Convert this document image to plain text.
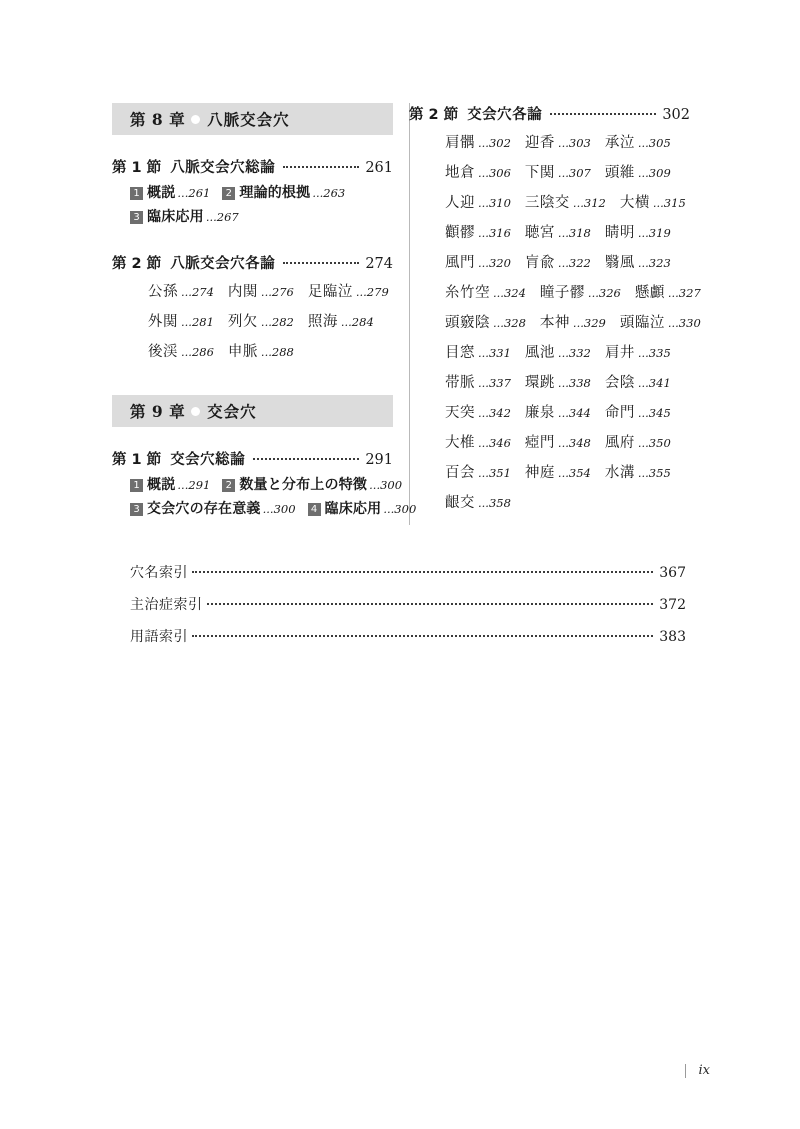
第 8 章 八脈交会穴
第 1 節 八脈交会穴総論	261
1 概説 ...261	2 理論的根拠 ...263
3 臨床応用 ...267
第 2 節 八脈交会穴各論	274
公孫 ...274 内関 ...276 足臨泣 ...279
外関 ...281 列欠 ...282 照海 ...284
後渓 ...286 申脈 ...288
第 9 章 交会穴
第 1 節 交会穴総論	291
1 概説 ...291	2 数量と分布上の特徴 ...300
3 交会穴の存在意義 ...300	4 臨床応用 ...300
第 2 節 交会穴各論	302
肩髃 ...302 迎香 ...303 承泣 ...305
地倉 ...306 下関 ...307 頭維 ...309
人迎 ...310 三陰交 ...312 大横 ...315
顴髎 ...316 聴宮 ...318 睛明 ...319
風門 ...320 肓兪 ...322 翳風 ...323
糸竹空 ...324 瞳子髎 ...326 懸顱 ...327
頭竅陰 ...328 本神 ...329 頭臨泣 ...330
目窓 ...331 風池 ...332 肩井 ...335
帯脈 ...337 環跳 ...338 会陰 ...341
天突 ...342 廉泉 ...344 命門 ...345
大椎 ...346 瘂門 ...348 風府 ...350
百会 ...351 神庭 ...354 水溝 ...355
齦交 ...358
穴名索引	367
主治症索引	372
用語索引	383
ix
